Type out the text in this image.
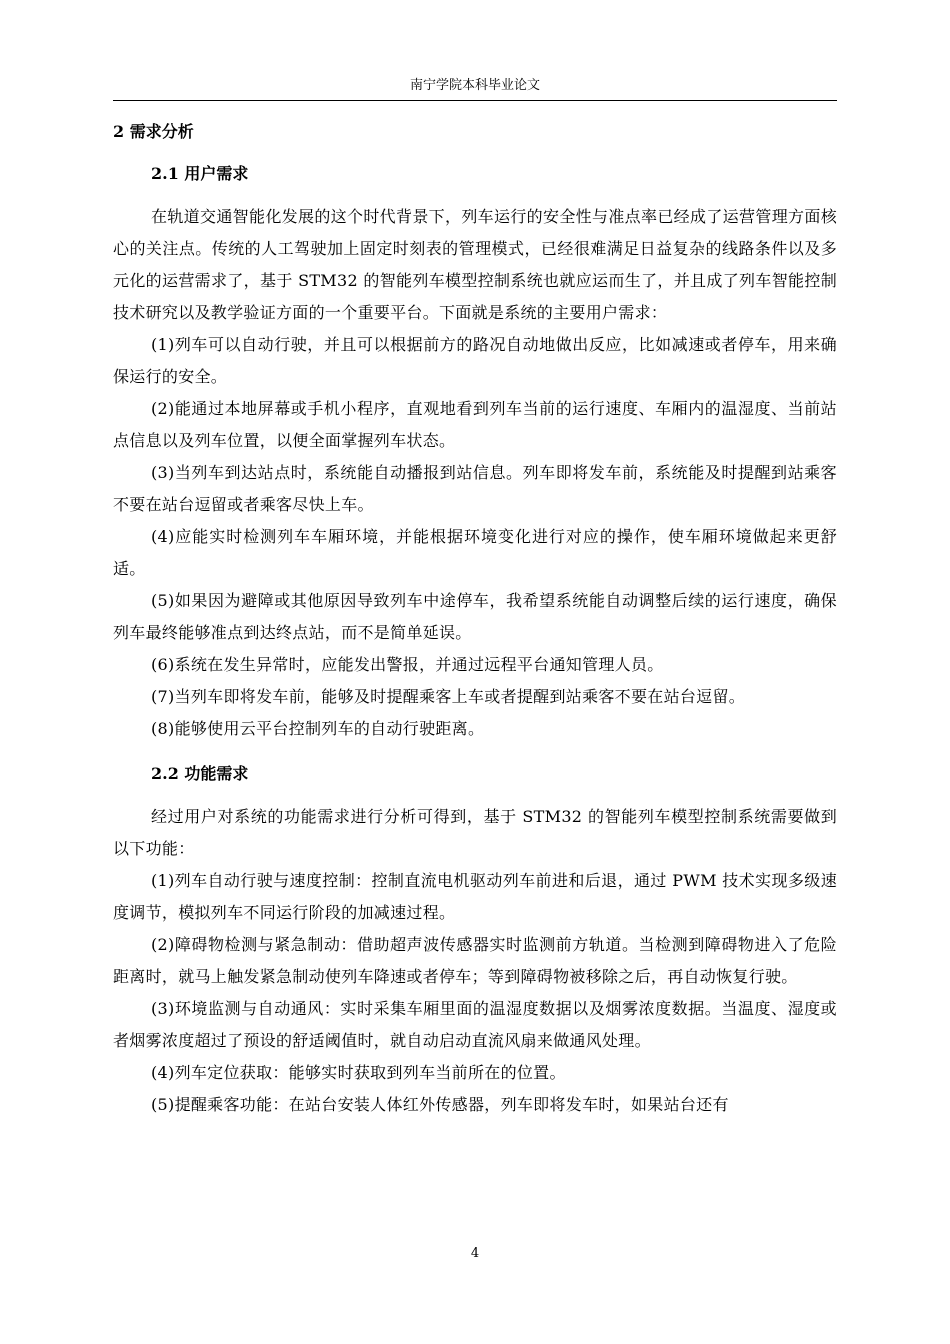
南宁学院本科毕业论文
2 需求分析
2.1 用户需求

在轨道交通智能化发展的这个时代背景下，列车运行的安全性与准点率已经成了运营管理方面核心的关注点。传统的人工驾驶加上固定时刻表的管理模式，已经很难满足日益复杂的线路条件以及多元化的运营需求了，基于 STM32 的智能列车模型控制系统也就应运而生了，并且成了列车智能控制技术研究以及教学验证方面的一个重要平台。下面就是系统的主要用户需求：

(1)列车可以自动行驶，并且可以根据前方的路况自动地做出反应，比如减速或者停车，用来确保运行的安全。

(2)能通过本地屏幕或手机小程序，直观地看到列车当前的运行速度、车厢内的温湿度、当前站点信息以及列车位置，以便全面掌握列车状态。

(3)当列车到达站点时，系统能自动播报到站信息。列车即将发车前，系统能及时提醒到站乘客不要在站台逗留或者乘客尽快上车。

(4)应能实时检测列车车厢环境，并能根据环境变化进行对应的操作，使车厢环境做起来更舒适。

(5)如果因为避障或其他原因导致列车中途停车，我希望系统能自动调整后续的运行速度，确保列车最终能够准点到达终点站，而不是简单延误。

(6)系统在发生异常时，应能发出警报，并通过远程平台通知管理人员。

(7)当列车即将发车前，能够及时提醒乘客上车或者提醒到站乘客不要在站台逗留。

(8)能够使用云平台控制列车的自动行驶距离。

2.2 功能需求

经过用户对系统的功能需求进行分析可得到，基于 STM32 的智能列车模型控制系统需要做到以下功能：

(1)列车自动行驶与速度控制：控制直流电机驱动列车前进和后退，通过 PWM 技术实现多级速度调节，模拟列车不同运行阶段的加减速过程。

(2)障碍物检测与紧急制动：借助超声波传感器实时监测前方轨道。当检测到障碍物进入了危险距离时，就马上触发紧急制动使列车降速或者停车；等到障碍物被移除之后，再自动恢复行驶。

(3)环境监测与自动通风：实时采集车厢里面的温湿度数据以及烟雾浓度数据。当温度、湿度或者烟雾浓度超过了预设的舒适阈值时，就自动启动直流风扇来做通风处理。

(4)列车定位获取：能够实时获取到列车当前所在的位置。

(5)提醒乘客功能：在站台安装人体红外传感器，列车即将发车时，如果站台还有

4
